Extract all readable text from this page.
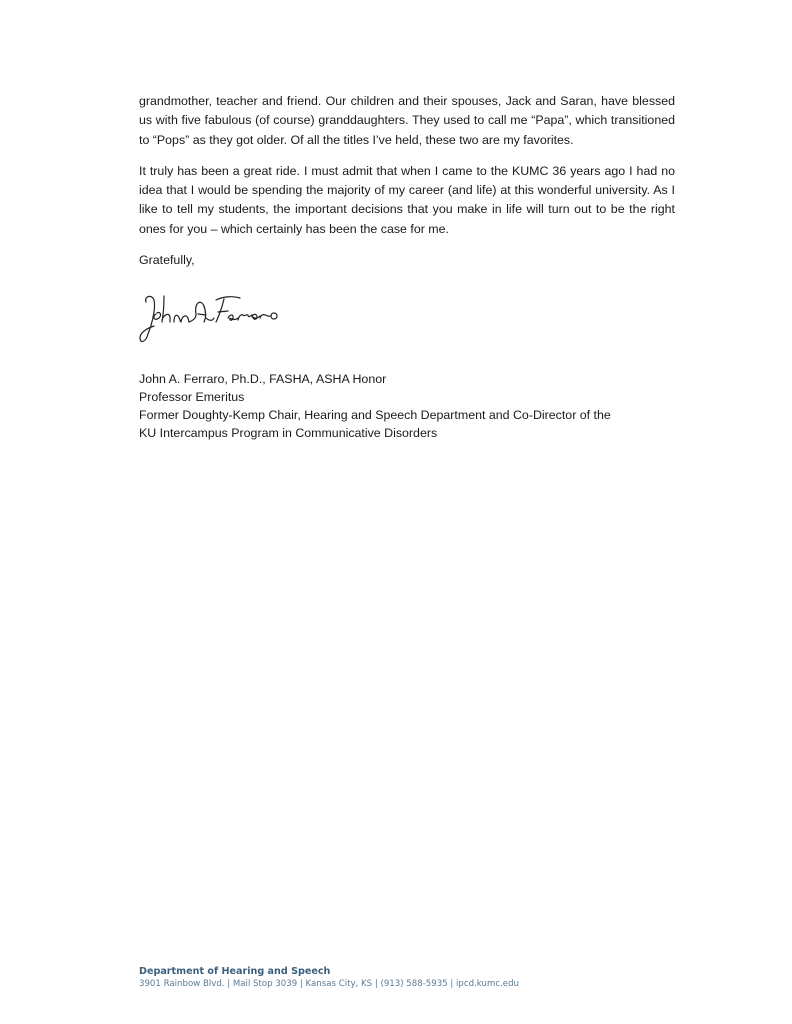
grandmother, teacher and friend. Our children and their spouses, Jack and Saran, have blessed us with five fabulous (of course) granddaughters. They used to call me “Papa”, which transitioned to “Pops” as they got older. Of all the titles I’ve held, these two are my favorites.

It truly has been a great ride. I must admit that when I came to the KUMC 36 years ago I had no idea that I would be spending the majority of my career (and life) at this wonderful university. As I like to tell my students, the important decisions that you make in life will turn out to be the right ones for you – which certainly has been the case for me.

Gratefully,

John A. Ferraro, Ph.D., FASHA, ASHA Honor
Professor Emeritus
Former Doughty-Kemp Chair, Hearing and Speech Department and Co-Director of the
KU Intercampus Program in Communicative Disorders
Department of Hearing and Speech
3901 Rainbow Blvd. | Mail Stop 3039 | Kansas City, KS | (913) 588-5935 | ipcd.kumc.edu
